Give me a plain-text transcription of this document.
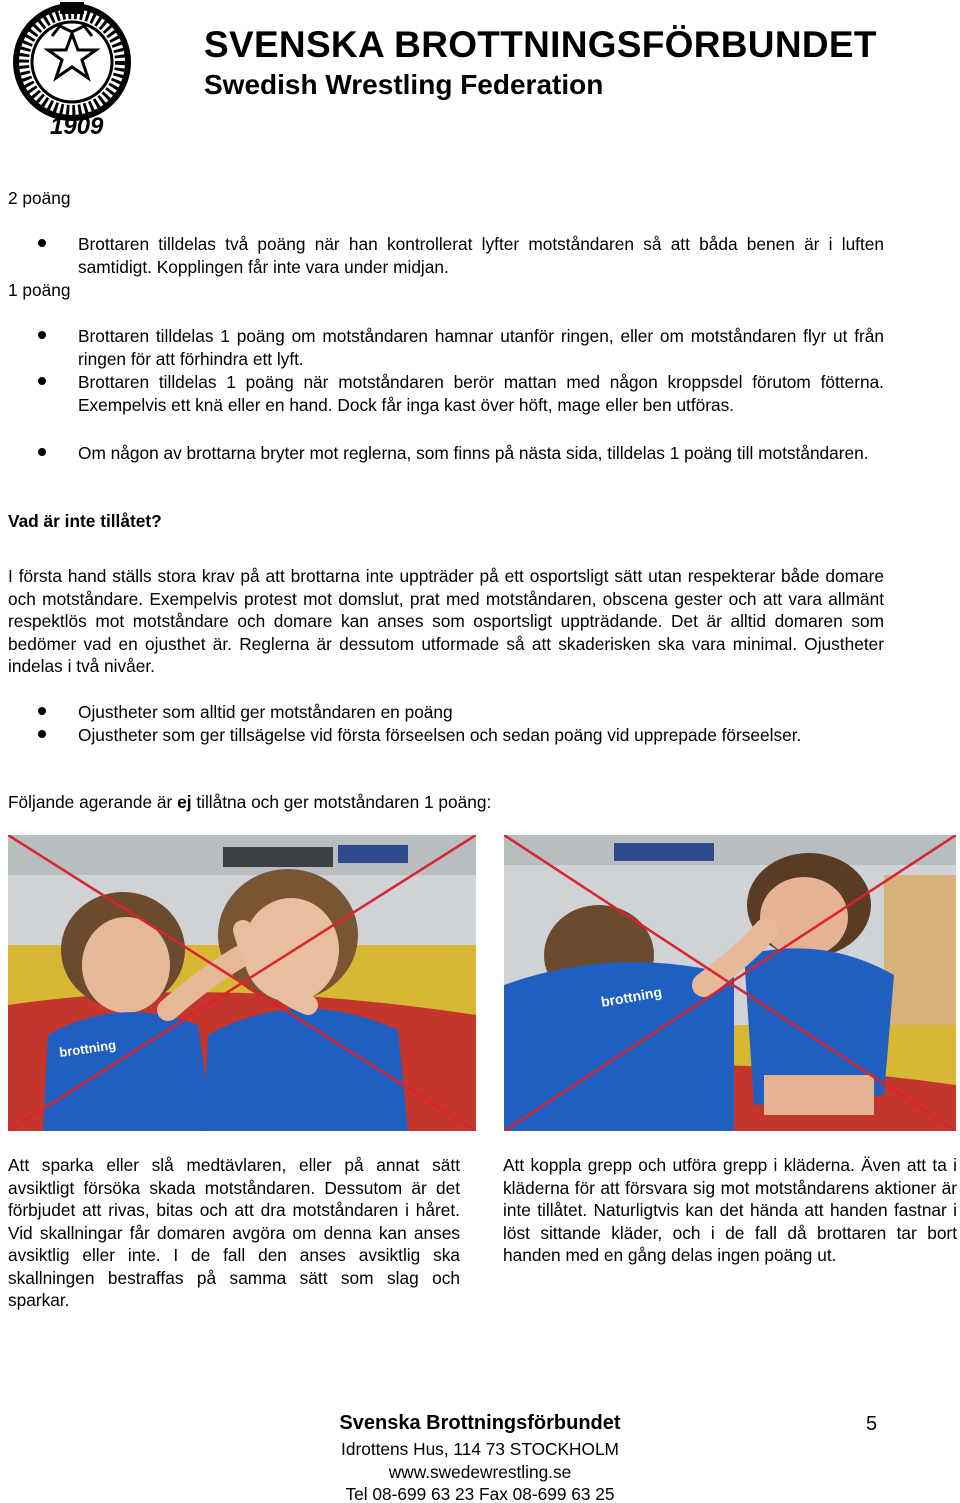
1909
SVENSKA BROTTNINGSFÖRBUNDET
Swedish Wrestling Federation
2 poäng
Brottaren tilldelas två poäng när han kontrollerat lyfter motståndaren så att båda benen är i luften samtidigt. Kopplingen får inte vara under midjan.
1 poäng
Brottaren tilldelas 1 poäng om motståndaren hamnar utanför ringen, eller om motståndaren flyr ut från ringen för att förhindra ett lyft.
Brottaren tilldelas 1 poäng när motståndaren berör mattan med någon kroppsdel förutom fötterna. Exempelvis ett knä eller en hand. Dock får inga kast över höft, mage eller ben utföras.
Om någon av brottarna bryter mot reglerna, som finns på nästa sida, tilldelas 1 poäng till motståndaren.
Vad är inte tillåtet?
I första hand ställs stora krav på att brottarna inte uppträder på ett osportsligt sätt utan respekterar både domare och motståndare. Exempelvis protest mot domslut, prat med motståndaren, obscena gester och att vara allmänt respektlös mot motståndare och domare kan anses som osportsligt uppträdande. Det är alltid domaren som bedömer vad en ojusthet är. Reglerna är dessutom utformade så att skaderisken ska vara minimal. Ojustheter indelas i två nivåer.
Ojustheter som alltid ger motståndaren en poäng
Ojustheter som ger tillsägelse vid första förseelsen och sedan poäng vid upprepade förseelser.
Följande agerande är ej tillåtna och ger motståndaren 1 poäng:
brottning
brottning
Att sparka eller slå medtävlaren, eller på annat sätt avsiktligt försöka skada motståndaren. Dessutom är det förbjudet att rivas, bitas och att dra motståndaren i håret. Vid skallningar får domaren avgöra om denna kan anses avsiktlig eller inte. I de fall den anses avsiktlig ska skallningen bestraffas på samma sätt som slag och sparkar.
Att koppla grepp och utföra grepp i kläderna. Även att ta i kläderna för att försvara sig mot motståndarens aktioner är inte tillåtet. Naturligtvis kan det hända att handen fastnar i löst sittande kläder, och i de fall då brottaren tar bort handen med en gång delas ingen poäng ut.
Svenska Brottningsförbundet
Idrottens Hus, 114 73 STOCKHOLM
www.swedewrestling.se
Tel 08-699 63 23 Fax 08-699 63 25
5
